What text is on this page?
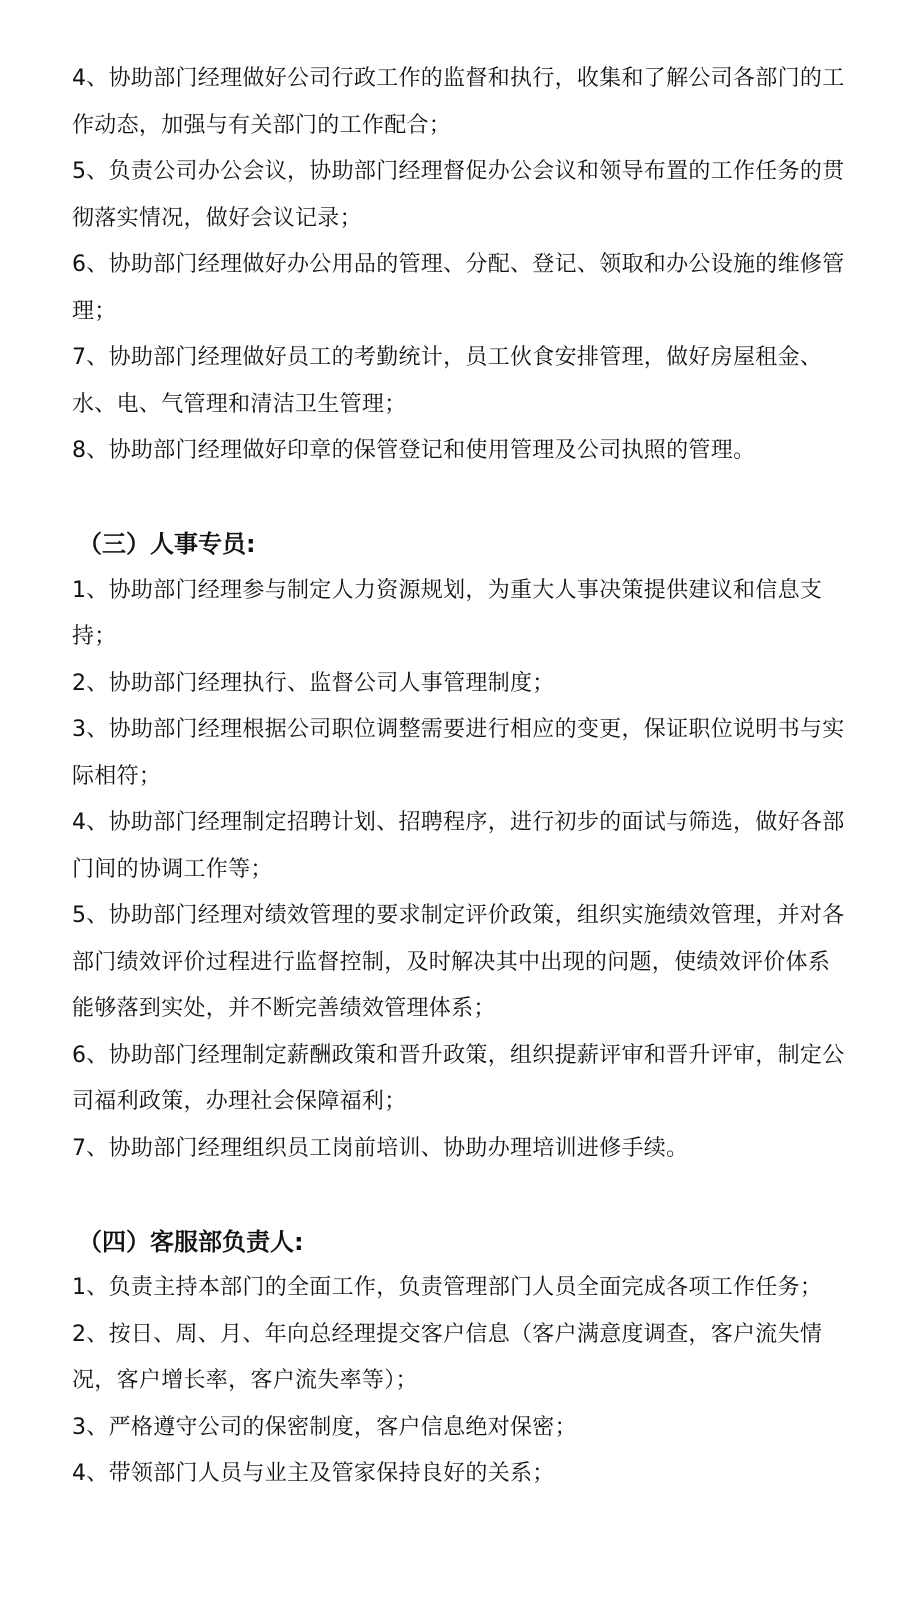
4、协助部门经理做好公司行政工作的监督和执行，收集和了解公司各部门的工作动态，加强与有关部门的工作配合；

5、负责公司办公会议，协助部门经理督促办公会议和领导布置的工作任务的贯彻落实情况，做好会议记录；

6、协助部门经理做好办公用品的管理、分配、登记、领取和办公设施的维修管理；

7、协助部门经理做好员工的考勤统计，员工伙食安排管理，做好房屋租金、水、电、气管理和清洁卫生管理；

8、协助部门经理做好印章的保管登记和使用管理及公司执照的管理。

（三）人事专员:

1、协助部门经理参与制定人力资源规划，为重大人事决策提供建议和信息支持；

2、协助部门经理执行、监督公司人事管理制度；

3、协助部门经理根据公司职位调整需要进行相应的变更，保证职位说明书与实际相符；

4、协助部门经理制定招聘计划、招聘程序，进行初步的面试与筛选，做好各部门间的协调工作等；

5、协助部门经理对绩效管理的要求制定评价政策，组织实施绩效管理，并对各部门绩效评价过程进行监督控制，及时解决其中出现的问题，使绩效评价体系能够落到实处，并不断完善绩效管理体系；

6、协助部门经理制定薪酬政策和晋升政策，组织提薪评审和晋升评审，制定公司福利政策，办理社会保障福利；

7、协助部门经理组织员工岗前培训、协助办理培训进修手续。

（四）客服部负责人:

1、负责主持本部门的全面工作，负责管理部门人员全面完成各项工作任务；

2、按日、周、月、年向总经理提交客户信息（客户满意度调查，客户流失情况，客户增长率，客户流失率等）；

3、严格遵守公司的保密制度，客户信息绝对保密；

4、带领部门人员与业主及管家保持良好的关系；
